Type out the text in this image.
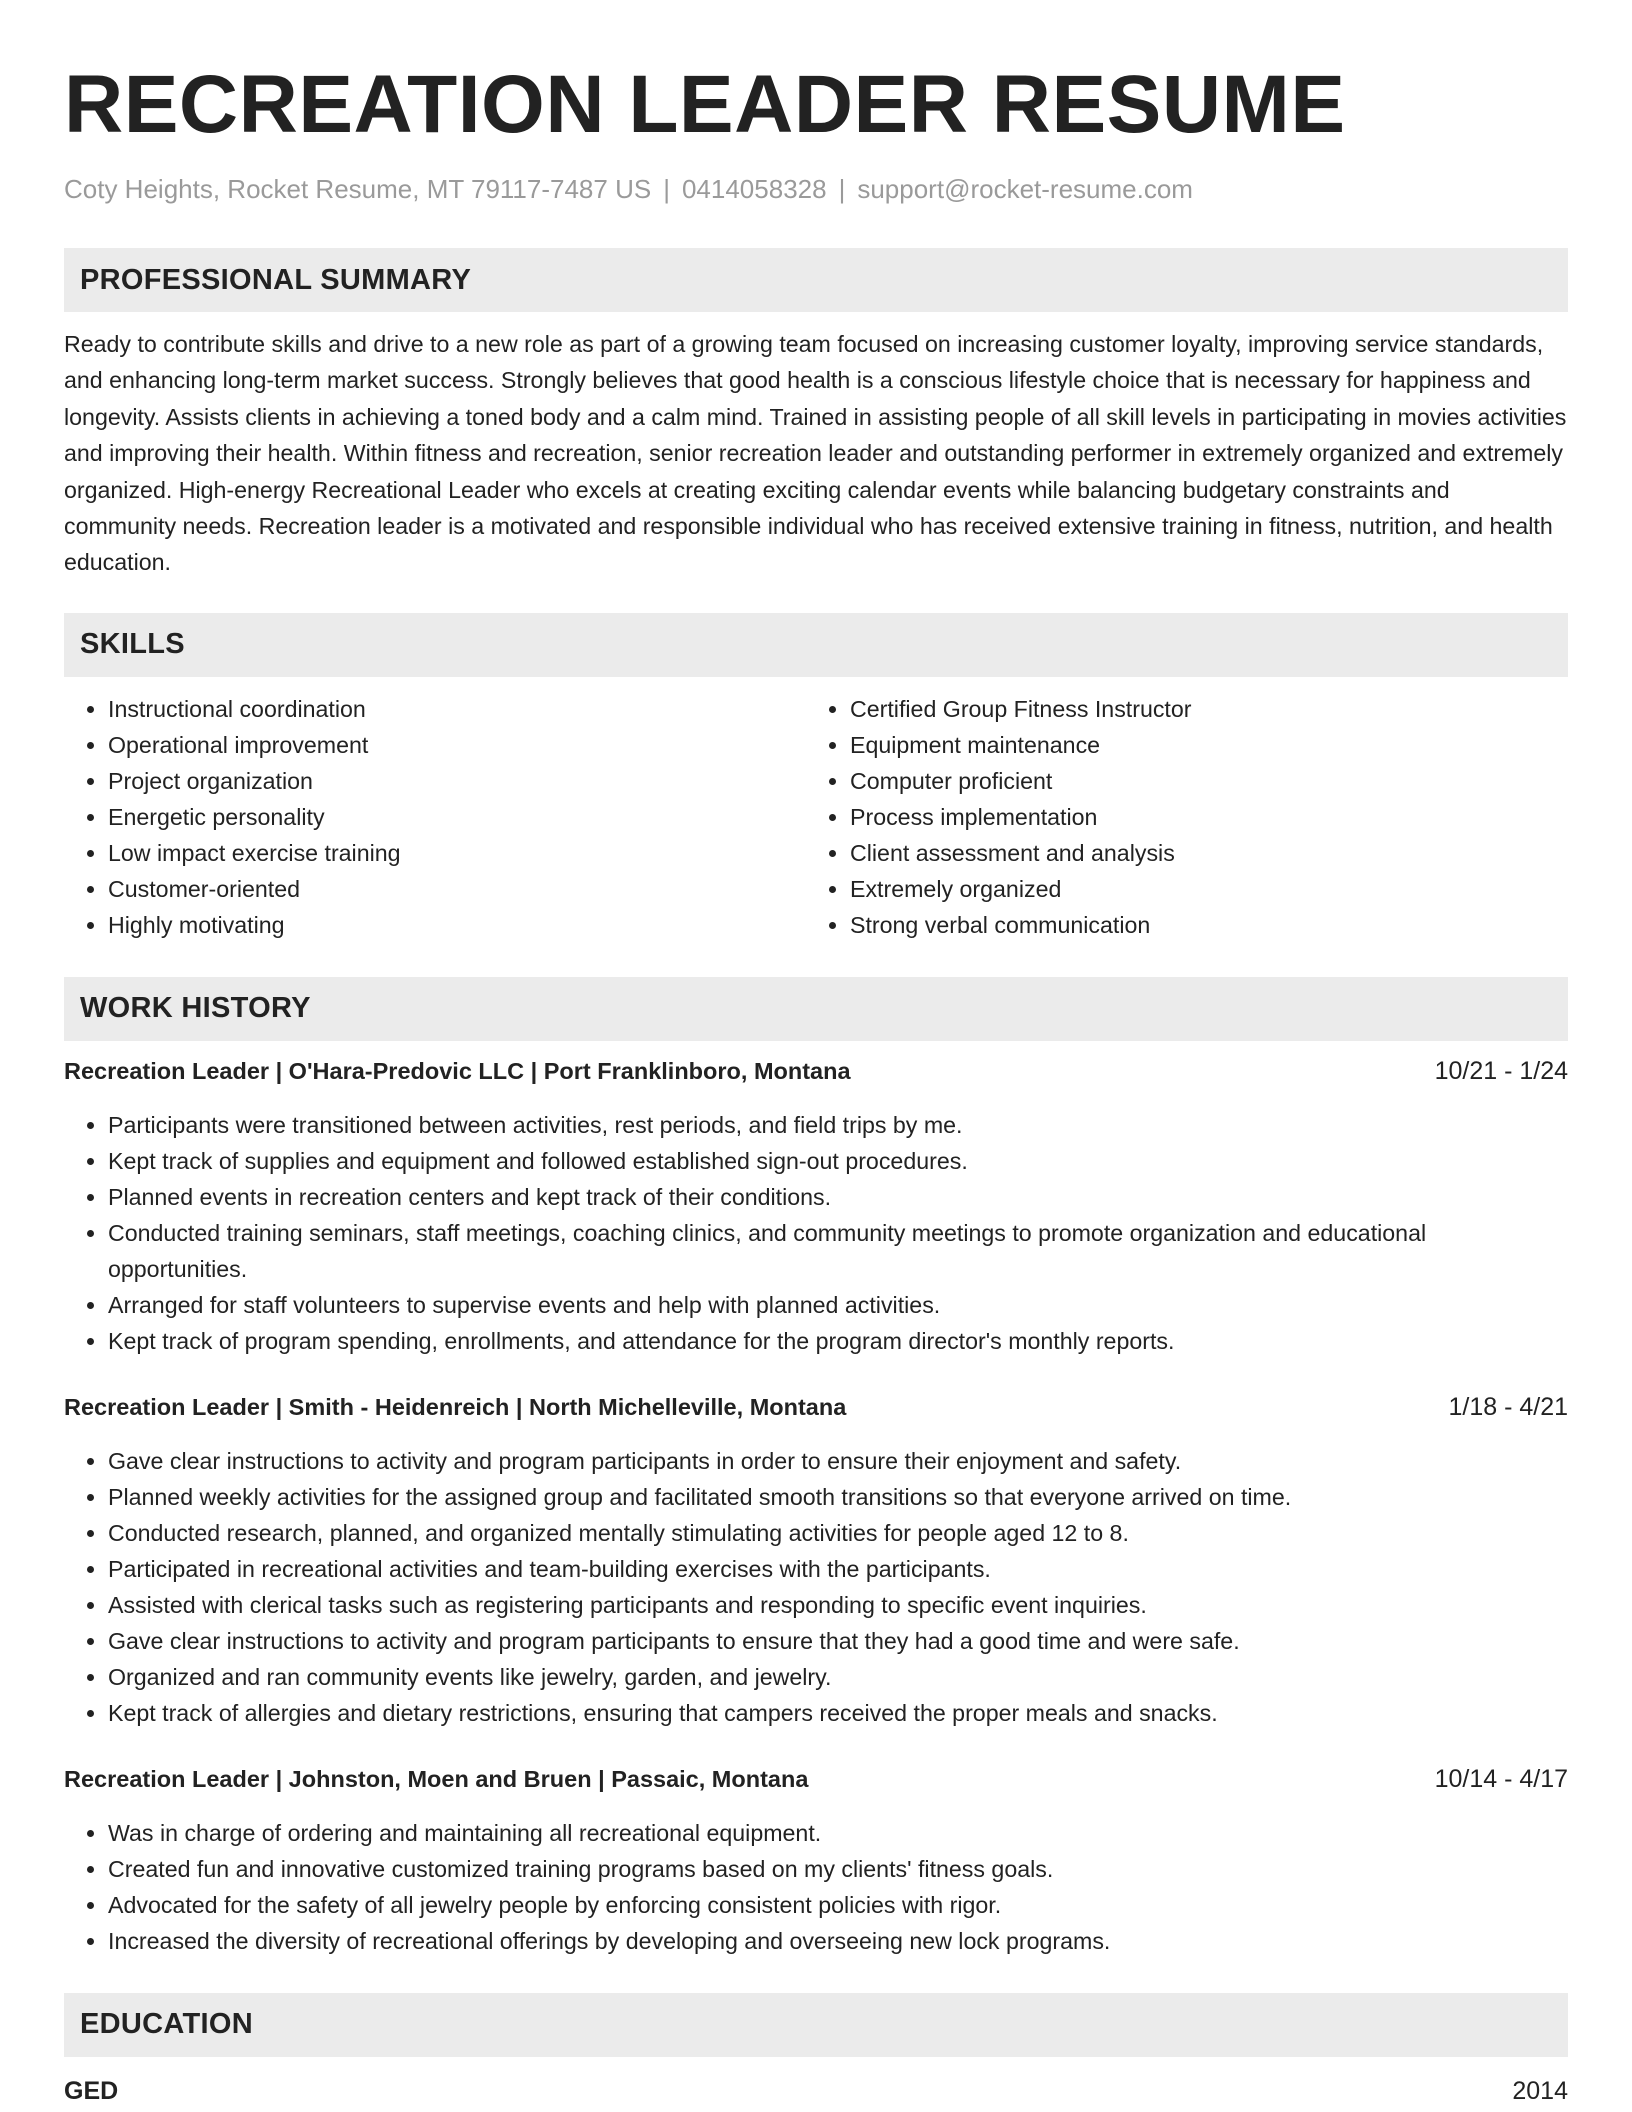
RECREATION LEADER RESUME
Coty Heights, Rocket Resume, MT 79117-7487 US | 0414058328 | support@rocket-resume.com
PROFESSIONAL SUMMARY

Ready to contribute skills and drive to a new role as part of a growing team focused on increasing customer loyalty, improving service standards, and enhancing long-term market success. Strongly believes that good health is a conscious lifestyle choice that is necessary for happiness and longevity. Assists clients in achieving a toned body and a calm mind. Trained in assisting people of all skill levels in participating in movies activities and improving their health. Within fitness and recreation, senior recreation leader and outstanding performer in extremely organized and extremely organized. High-energy Recreational Leader who excels at creating exciting calendar events while balancing budgetary constraints and community needs. Recreation leader is a motivated and responsible individual who has received extensive training in fitness, nutrition, and health education.

SKILLS
• Instructional coordination
• Operational improvement
• Project organization
• Energetic personality
• Low impact exercise training
• Customer-oriented
• Highly motivating
• Certified Group Fitness Instructor
• Equipment maintenance
• Computer proficient
• Process implementation
• Client assessment and analysis
• Extremely organized
• Strong verbal communication
WORK HISTORY
Recreation Leader | O'Hara-Predovic LLC | Port Franklinboro, Montana	10/21 - 1/24
• Participants were transitioned between activities, rest periods, and field trips by me.
• Kept track of supplies and equipment and followed established sign-out procedures.
• Planned events in recreation centers and kept track of their conditions.
• Conducted training seminars, staff meetings, coaching clinics, and community meetings to promote organization and educational opportunities.
• Arranged for staff volunteers to supervise events and help with planned activities.
• Kept track of program spending, enrollments, and attendance for the program director's monthly reports.
Recreation Leader | Smith - Heidenreich | North Michelleville, Montana	1/18 - 4/21
• Gave clear instructions to activity and program participants in order to ensure their enjoyment and safety.
• Planned weekly activities for the assigned group and facilitated smooth transitions so that everyone arrived on time.
• Conducted research, planned, and organized mentally stimulating activities for people aged 12 to 8.
• Participated in recreational activities and team-building exercises with the participants.
• Assisted with clerical tasks such as registering participants and responding to specific event inquiries.
• Gave clear instructions to activity and program participants to ensure that they had a good time and were safe.
• Organized and ran community events like jewelry, garden, and jewelry.
• Kept track of allergies and dietary restrictions, ensuring that campers received the proper meals and snacks.
Recreation Leader | Johnston, Moen and Bruen | Passaic, Montana	10/14 - 4/17
• Was in charge of ordering and maintaining all recreational equipment.
• Created fun and innovative customized training programs based on my clients' fitness goals.
• Advocated for the safety of all jewelry people by enforcing consistent policies with rigor.
• Increased the diversity of recreational offerings by developing and overseeing new lock programs.
EDUCATION
GED	2014
